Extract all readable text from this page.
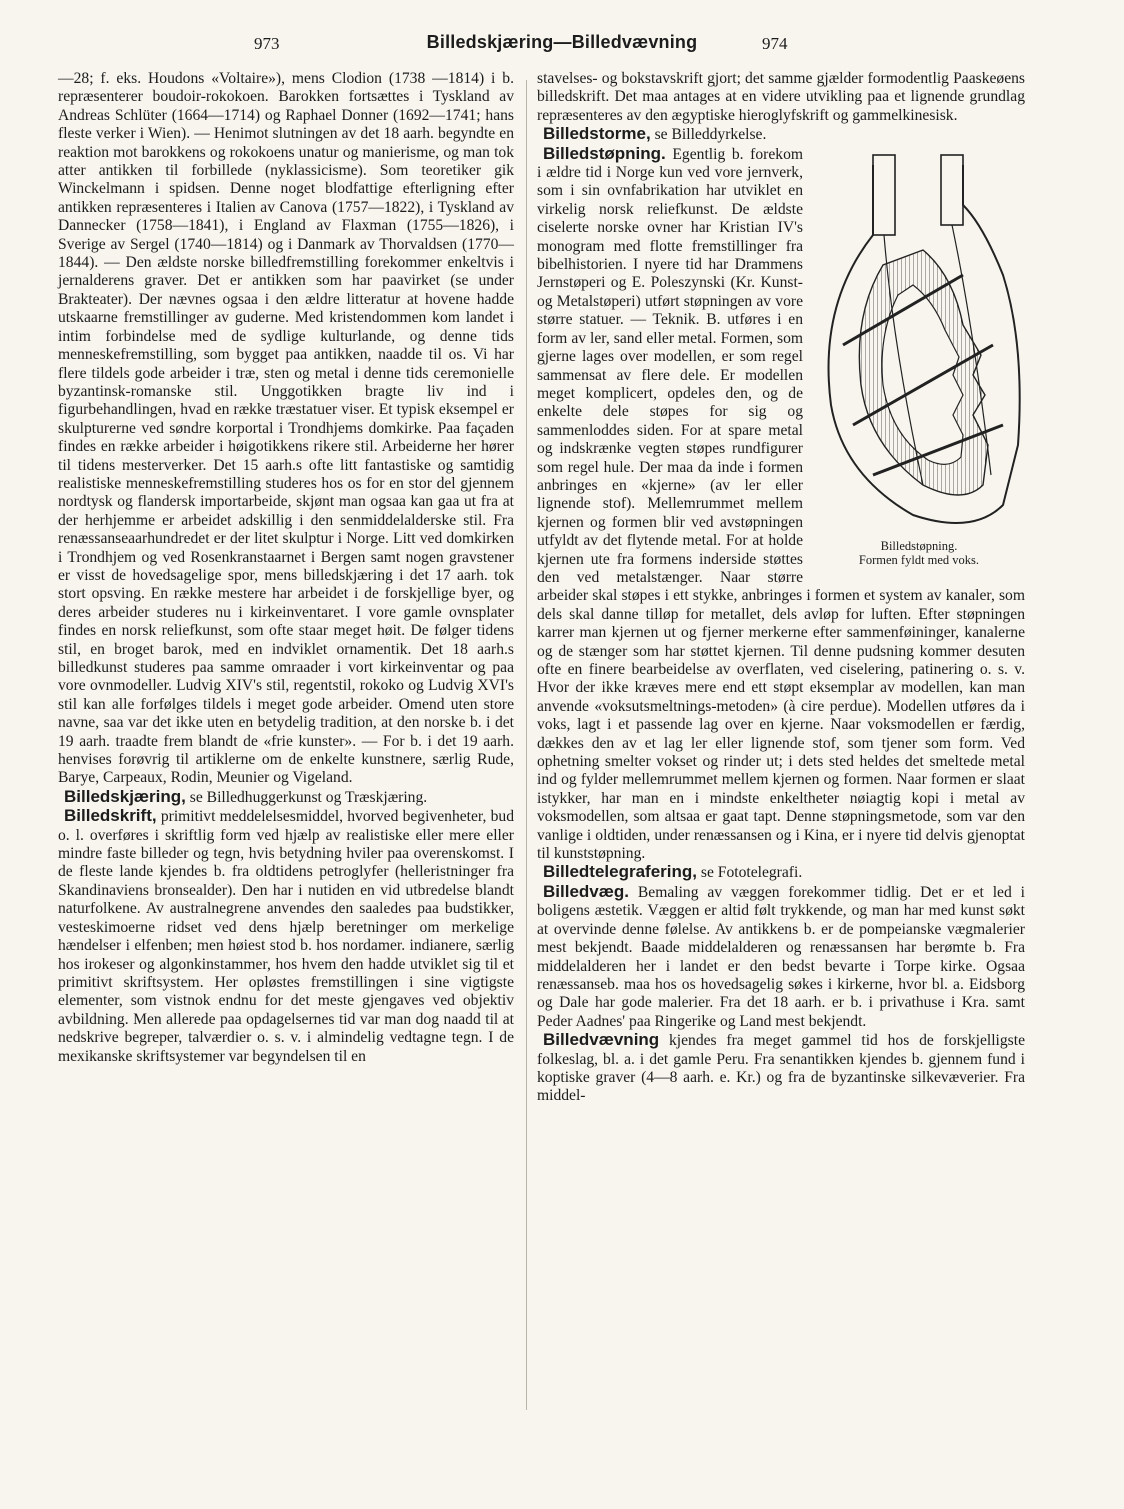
973	Billedskjæring—Billedvævning	974

—28; f. eks. Houdons «Voltaire»), mens Clodion (1738 —1814) i b. repræsenterer boudoir-rokokoen. Barokken fortsættes i Tyskland av Andreas Schlüter (1664—1714) og Raphael Donner (1692—1741; hans fleste verker i Wien). — Henimot slutningen av det 18 aarh. begyndte en reaktion mot barokkens og rokokoens unatur og manierisme, og man tok atter antikken til forbillede (nyklassicisme). Som teoretiker gik Winckelmann i spidsen. Denne noget blodfattige efterligning efter antikken repræsenteres i Italien av Canova (1757—1822), i Tyskland av Dannecker (1758—1841), i England av Flaxman (1755—1826), i Sverige av Sergel (1740—1814) og i Danmark av Thorvaldsen (1770—1844). — Den ældste norske billedfremstilling forekommer enkeltvis i jernalderens graver. Det er antikken som har paavirket (se under Brakteater). Der nævnes ogsaa i den ældre litteratur at hovene hadde utskaarne fremstillinger av guderne. Med kristendommen kom landet i intim forbindelse med de sydlige kulturlande, og denne tids menneskefremstilling, som bygget paa antikken, naadde til os. Vi har flere tildels gode arbeider i træ, sten og metal i denne tids ceremonielle byzantinsk-romanske stil. Unggotikken bragte liv ind i figurbehandlingen, hvad en række træstatuer viser. Et typisk eksempel er skulpturerne ved søndre korportal i Trondhjems domkirke. Paa façaden findes en række arbeider i høigotikkens rikere stil. Arbeiderne her hører til tidens mesterverker. Det 15 aarh.s ofte litt fantastiske og samtidig realistiske menneskefremstilling studeres hos os for en stor del gjennem nordtysk og flandersk importarbeide, skjønt man ogsaa kan gaa ut fra at der herhjemme er arbeidet adskillig i den senmiddelalderske stil. Fra renæssanseaarhundredet er der litet skulptur i Norge. Litt ved domkirken i Trondhjem og ved Rosenkranstaarnet i Bergen samt nogen gravstener er visst de hovedsagelige spor, mens billedskjæring i det 17 aarh. tok stort opsving. En række mestere har arbeidet i de forskjellige byer, og deres arbeider studeres nu i kirkeinventaret. I vore gamle ovnsplater findes en norsk reliefkunst, som ofte staar meget høit. De følger tidens stil, en broget barok, med en indviklet ornamentik. Det 18 aarh.s billedkunst studeres paa samme omraader i vort kirkeinventar og paa vore ovnmodeller. Ludvig XIV's stil, regentstil, rokoko og Ludvig XVI's stil kan alle forfølges tildels i meget gode arbeider. Omend uten store navne, saa var det ikke uten en betydelig tradition, at den norske b. i det 19 aarh. traadte frem blandt de «frie kunster». — For b. i det 19 aarh. henvises forøvrig til artiklerne om de enkelte kunstnere, særlig Rude, Barye, Carpeaux, Rodin, Meunier og Vigeland.

Billedskjæring, se Billedhuggerkunst og Træskjæring.

Billedskrift, primitivt meddelelsesmiddel, hvorved begivenheter, bud o. l. overføres i skriftlig form ved hjælp av realistiske eller mere eller mindre faste billeder og tegn, hvis betydning hviler paa overenskomst. I de fleste lande kjendes b. fra oldtidens petroglyfer (helleristninger fra Skandinaviens bronsealder). Den har i nutiden en vid utbredelse blandt naturfolkene. Av australnegrene anvendes den saaledes paa budstikker, vesteskimoerne ridset ved dens hjælp beretninger om merkelige hændelser i elfenben; men høiest stod b. hos nordamer. indianere, særlig hos irokeser og algonkinstammer, hos hvem den hadde utviklet sig til et primitivt skriftsystem. Her opløstes fremstillingen i sine vigtigste elementer, som vistnok endnu for det meste gjengaves ved objektiv avbildning. Men allerede paa opdagelsernes tid var man dog naadd til at nedskrive begreper, talværdier o. s. v. i almindelig vedtagne tegn. I de mexikanske skriftsystemer var begyndelsen til en

stavelses- og bokstavskrift gjort; det samme gjælder formodentlig Paaskeøens billedskrift. Det maa antages at en videre utvikling paa et lignende grundlag repræsenteres av den ægyptiske hieroglyfskrift og gammelkinesisk.

Billedstorme, se Billeddyrkelse.

Billedstøpning.
Formen fyldt med voks.

Billedstøpning. Egentlig b. forekom i ældre tid i Norge kun ved vore jernverk, som i sin ovnfabrikation har utviklet en virkelig norsk reliefkunst. De ældste ciselerte norske ovner har Kristian IV's monogram med flotte fremstillinger fra bibelhistorien. I nyere tid har Drammens Jernstøperi og E. Poleszynski (Kr. Kunst- og Metalstøperi) utført støpningen av vore større statuer. — Teknik. B. utføres i en form av ler, sand eller metal. Formen, som gjerne lages over modellen, er som regel sammensat av flere dele. Er modellen meget komplicert, opdeles den, og de enkelte dele støpes for sig og sammenloddes siden. For at spare metal og indskrænke vegten støpes rundfigurer som regel hule. Der maa da inde i formen anbringes en «kjerne» (av ler eller lignende stof). Mellemrummet mellem kjernen og formen blir ved avstøpningen utfyldt av det flytende metal. For at holde kjernen ute fra formens inderside støttes den ved metalstænger. Naar større arbeider skal støpes i ett stykke, anbringes i formen et system av kanaler, som dels skal danne tilløp for metallet, dels avløp for luften. Efter støpningen karrer man kjernen ut og fjerner merkerne efter sammenføininger, kanalerne og de stænger som har støttet kjernen. Til denne pudsning kommer desuten ofte en finere bearbeidelse av overflaten, ved ciselering, patinering o. s. v. Hvor der ikke kræves mere end ett støpt eksemplar av modellen, kan man anvende «voksutsmeltnings-metoden» (à cire perdue). Modellen utføres da i voks, lagt i et passende lag over en kjerne. Naar voksmodellen er færdig, dækkes den av et lag ler eller lignende stof, som tjener som form. Ved ophetning smelter vokset og rinder ut; i dets sted heldes det smeltede metal ind og fylder mellemrummet mellem kjernen og formen. Naar formen er slaat istykker, har man en i mindste enkeltheter nøiagtig kopi i metal av voksmodellen, som altsaa er gaat tapt. Denne støpningsmetode, som var den vanlige i oldtiden, under renæssansen og i Kina, er i nyere tid delvis gjenoptat til kunststøpning.

Billedtelegrafering, se Fototelegrafi.

Billedvæg. Bemaling av væggen forekommer tidlig. Det er et led i boligens æstetik. Væggen er altid følt trykkende, og man har med kunst søkt at overvinde denne følelse. Av antikkens b. er de pompeianske vægmalerier mest bekjendt. Baade middelalderen og renæssansen har berømte b. Fra middelalderen her i landet er den bedst bevarte i Torpe kirke. Ogsaa renæssanseb. maa hos os hovedsagelig søkes i kirkerne, hvor bl. a. Eidsborg og Dale har gode malerier. Fra det 18 aarh. er b. i privathuse i Kra. samt Peder Aadnes' paa Ringerike og Land mest bekjendt.

Billedvævning kjendes fra meget gammel tid hos de forskjelligste folkeslag, bl. a. i det gamle Peru. Fra senantikken kjendes b. gjennem fund i koptiske graver (4—8 aarh. e. Kr.) og fra de byzantinske silkevæverier. Fra middel-
